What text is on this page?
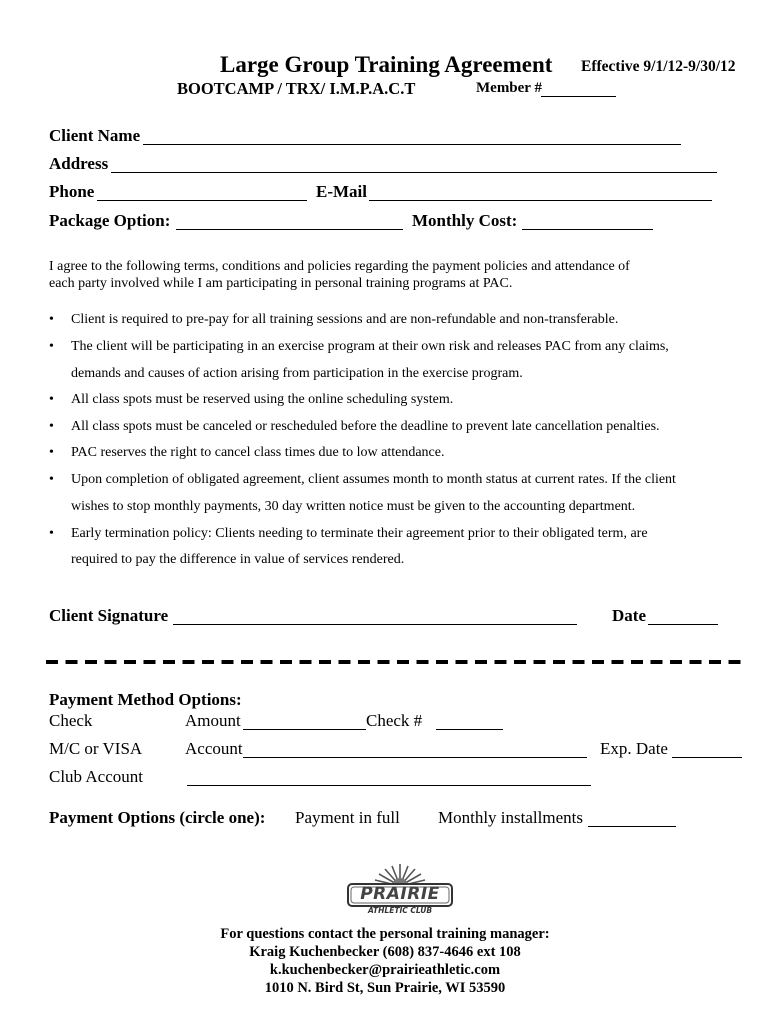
Large Group Training Agreement Effective 9/1/12-9/30/12
BOOTCAMP / TRX/ I.M.P.A.C.T	Member #
Client Name
Address
Phone	E-Mail
Package Option:	Monthly Cost:
I agree to the following terms, conditions and policies regarding the payment policies and attendance of
each party involved while I am participating in personal training programs at PAC.
• Client is required to pre-pay for all training sessions and are non-refundable and non-transferable.
• The client will be participating in an exercise program at their own risk and releases PAC from any claims,
demands and causes of action arising from participation in the exercise program.
• All class spots must be reserved using the online scheduling system.
• All class spots must be canceled or rescheduled before the deadline to prevent late cancellation penalties.
• PAC reserves the right to cancel class times due to low attendance.
• Upon completion of obligated agreement, client assumes month to month status at current rates. If the client
wishes to stop monthly payments, 30 day written notice must be given to the accounting department.
• Early termination policy: Clients needing to terminate their agreement prior to their obligated term, are
required to pay the difference in value of services rendered.
Client Signature	Date
Payment Method Options:
Check	Amount	Check #
M/C or VISA	Account	Exp. Date
Club Account
Payment Options (circle one): Payment in full Monthly installments
PRAIRIE
ATHLETIC CLUB
For questions contact the personal training manager:
Kraig Kuchenbecker (608) 837-4646 ext 108
k.kuchenbecker@prairieathletic.com
1010 N. Bird St, Sun Prairie, WI 53590
